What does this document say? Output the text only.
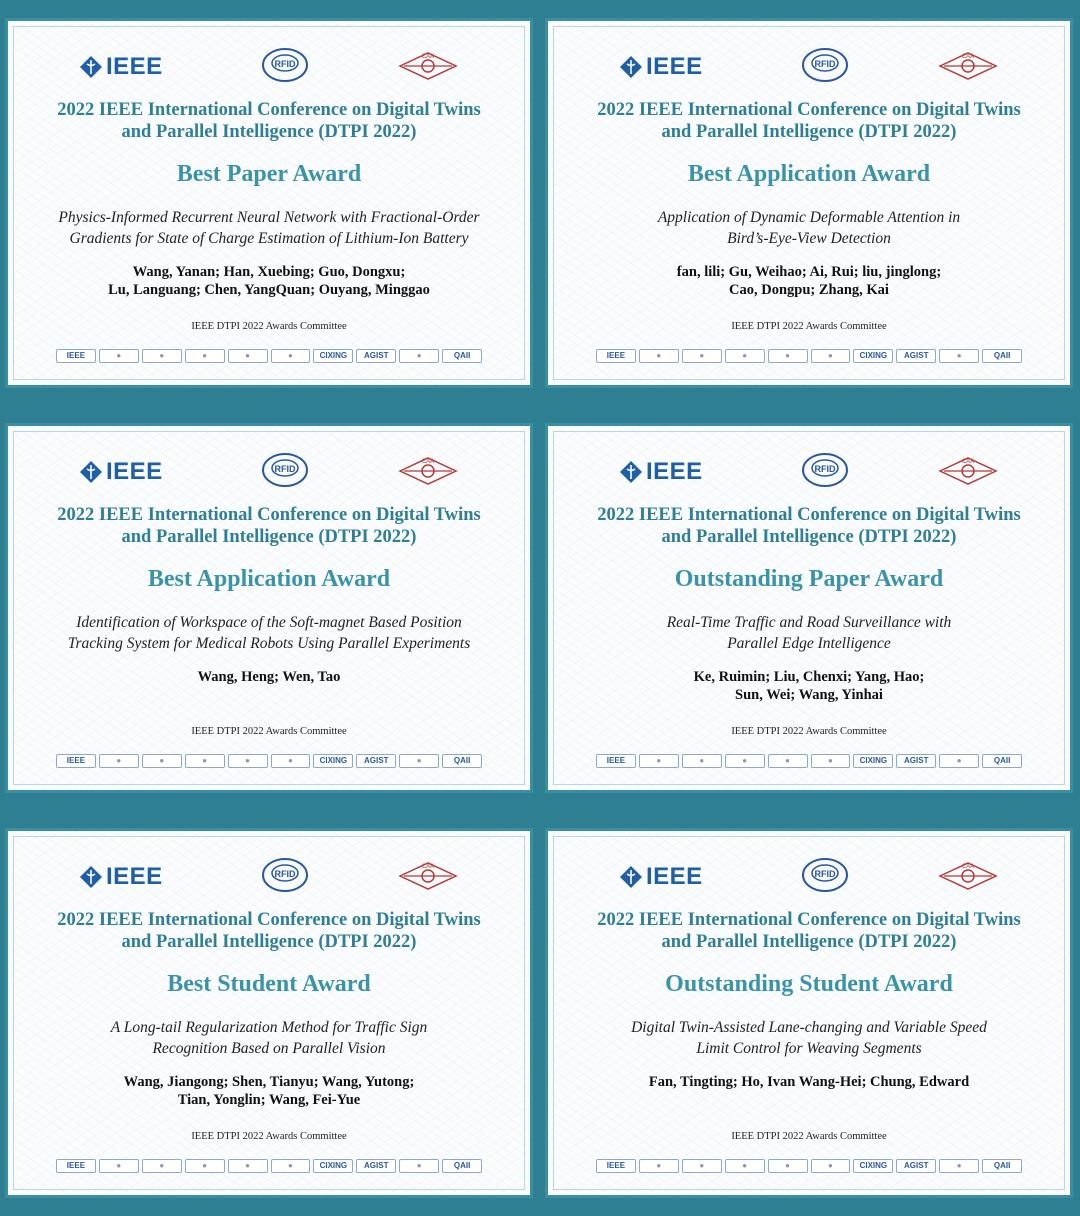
IEEE	RFID
CAA
2022 IEEE International Conference on Digital Twins
and Parallel Intelligence (DTPI 2022)
Best Paper Award
Physics-Informed Recurrent Neural Network with Fractional-Order
Gradients for State of Charge Estimation of Lithium-Ion Battery
Wang, Yanan; Han, Xuebing; Guo, Dongxu;
Lu, Languang; Chen, YangQuan; Ouyang, Minggao
IEEE DTPI 2022 Awards Committee
IEEE ● ● ● ● ●	CIXING	AGIST ●	QAII
IEEE	RFID
CAA
2022 IEEE International Conference on Digital Twins
and Parallel Intelligence (DTPI 2022)
Best Application Award
Application of Dynamic Deformable Attention in
Bird’s-Eye-View Detection
fan, lili; Gu, Weihao; Ai, Rui; liu, jinglong;
Cao, Dongpu; Zhang, Kai
IEEE DTPI 2022 Awards Committee
IEEE ● ● ● ● ●	CIXING	AGIST ●	QAII
IEEE	RFID
CAA
2022 IEEE International Conference on Digital Twins
and Parallel Intelligence (DTPI 2022)
Best Application Award
Identification of Workspace of the Soft-magnet Based Position
Tracking System for Medical Robots Using Parallel Experiments
Wang, Heng; Wen, Tao

IEEE DTPI 2022 Awards Committee
IEEE ● ● ● ● ●	CIXING	AGIST ●	QAII
IEEE	RFID
CAA
2022 IEEE International Conference on Digital Twins
and Parallel Intelligence (DTPI 2022)
Outstanding Paper Award
Real-Time Traffic and Road Surveillance with
Parallel Edge Intelligence
Ke, Ruimin; Liu, Chenxi; Yang, Hao;
Sun, Wei; Wang, Yinhai
IEEE DTPI 2022 Awards Committee
IEEE ● ● ● ● ●	CIXING	AGIST ●	QAII
IEEE	RFID
CAA
2022 IEEE International Conference on Digital Twins
and Parallel Intelligence (DTPI 2022)
Best Student Award
A Long-tail Regularization Method for Traffic Sign
Recognition Based on Parallel Vision
Wang, Jiangong; Shen, Tianyu; Wang, Yutong;
Tian, Yonglin; Wang, Fei-Yue
IEEE DTPI 2022 Awards Committee
IEEE ● ● ● ● ●	CIXING	AGIST ●	QAII
IEEE	RFID
CAA
2022 IEEE International Conference on Digital Twins
and Parallel Intelligence (DTPI 2022)
Outstanding Student Award
Digital Twin-Assisted Lane-changing and Variable Speed
Limit Control for Weaving Segments
Fan, Tingting; Ho, Ivan Wang-Hei; Chung, Edward

IEEE DTPI 2022 Awards Committee
IEEE ● ● ● ● ●	CIXING	AGIST ●	QAII
